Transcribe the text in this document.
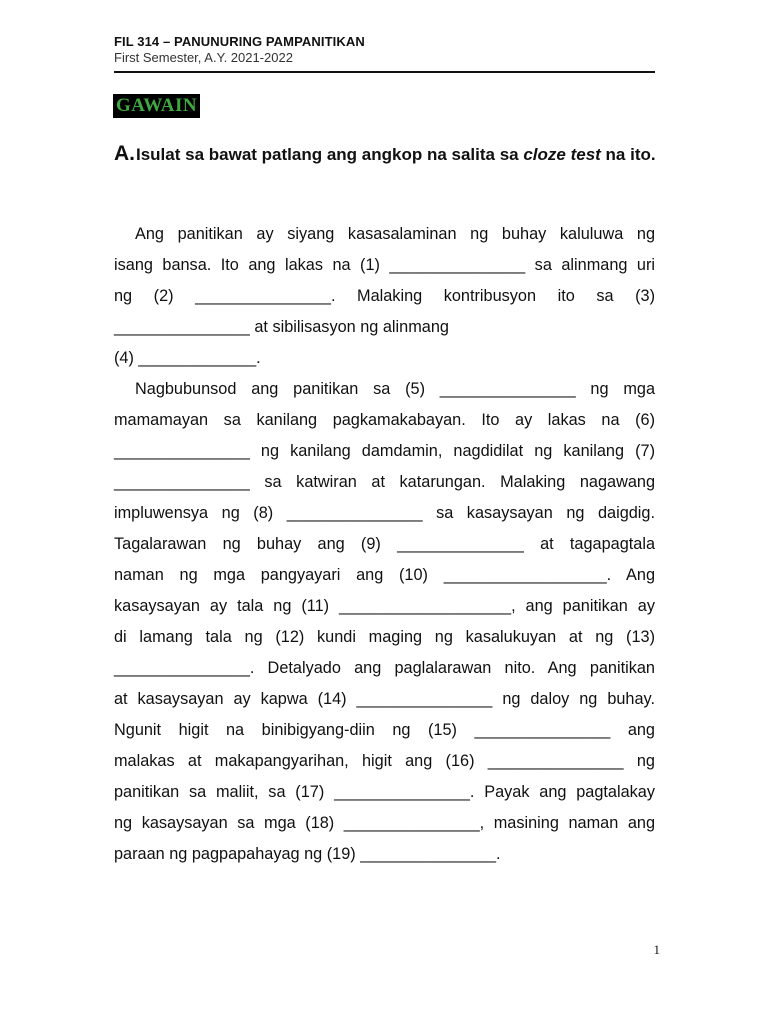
FIL 314 – PANUNURING PAMPANITIKAN
First Semester, A.Y. 2021-2022
GAWAIN
A. Isulat sa bawat patlang ang angkop na salita sa cloze test na ito.
Ang panitikan ay siyang kasasalaminan ng buhay kaluluwa ng
isang bansa. Ito ang lakas na (1) _______________ sa alinmang uri
ng (2) _______________. Malaking kontribusyon ito sa (3)
_______________ at sibilisasyon ng alinmang
(4) _____________.
Nagbubunsod ang panitikan sa (5) _______________ ng mga
mamamayan sa kanilang pagkamakabayan. Ito ay lakas na (6)
_______________ ng kanilang damdamin, nagdidilat ng kanilang (7)
_______________ sa katwiran at katarungan. Malaking nagawang
impluwensya ng (8) _______________ sa kasaysayan ng daigdig.
Tagalarawan ng buhay ang (9) ______________ at tagapagtala
naman ng mga pangyayari ang (10) __________________. Ang
kasaysayan ay tala ng (11) ___________________, ang panitikan ay
di lamang tala ng (12) kundi maging ng kasalukuyan at ng (13)
_______________. Detalyado ang paglalarawan nito. Ang panitikan
at kasaysayan ay kapwa (14) _______________ ng daloy ng buhay.
Ngunit higit na binibigyang-diin ng (15) _______________ ang
malakas at makapangyarihan, higit ang (16) _______________ ng
panitikan sa maliit, sa (17) _______________. Payak ang pagtalakay
ng kasaysayan sa mga (18) _______________, masining naman ang
paraan ng pagpapahayag ng (19) _______________.
1
